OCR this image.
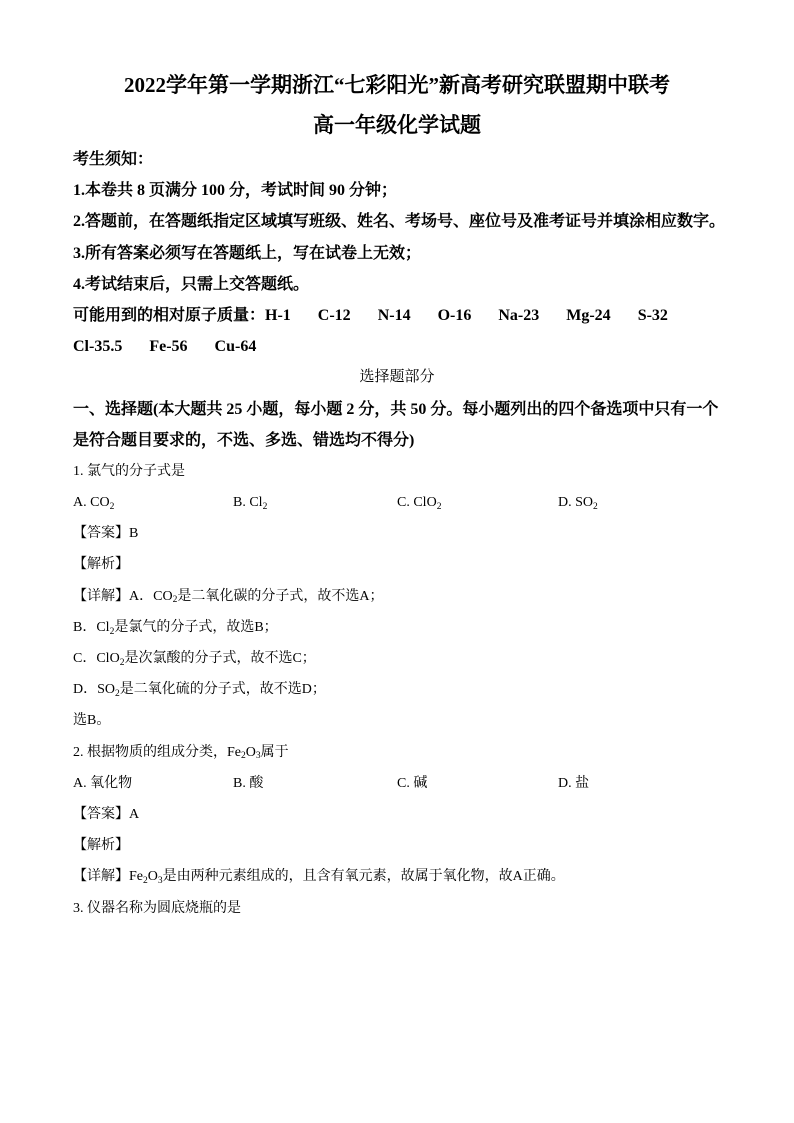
2022学年第一学期浙江“七彩阳光”新高考研究联盟期中联考
高一年级化学试题
考生须知：
1.本卷共 8 页满分 100 分，考试时间 90 分钟；
2.答题前，在答题纸指定区域填写班级、姓名、考场号、座位号及准考证号并填涂相应数字。
3.所有答案必须写在答题纸上，写在试卷上无效；
4.考试结束后，只需上交答题纸。
可能用到的相对原子质量：H-1 C-12 N-14 O-16 Na-23 Mg-24 S-32
Cl-35.5 Fe-56 Cu-64
选择题部分
一、选择题(本大题共 25 小题，每小题 2 分，共 50 分。每小题列出的四个备选项中只有一个
是符合题目要求的，不选、多选、错选均不得分)
1. 氯气的分子式是
A. $CO_2$	B. $Cl_2$	C. ClO$_2$	D. $SO_2$
【答案】B
【解析】
【详解】A．$CO_2$是二氧化碳的分子式，故不选A；
B．$Cl_2$是氯气的分子式，故选B；
C．ClO$_2$是次氯酸的分子式，故不选C；
D．$SO_2$是二氧化硫的分子式，故不选D；
选B。
2. 根据物质的组成分类，$Fe_2O_3$属于
A. 氧化物	B. 酸	C. 碱	D. 盐
【答案】A
【解析】
【详解】$Fe_2O_3$是由两种元素组成的，且含有氧元素，故属于氧化物，故A正确。
3. 仪器名称为圆底烧瓶的是
